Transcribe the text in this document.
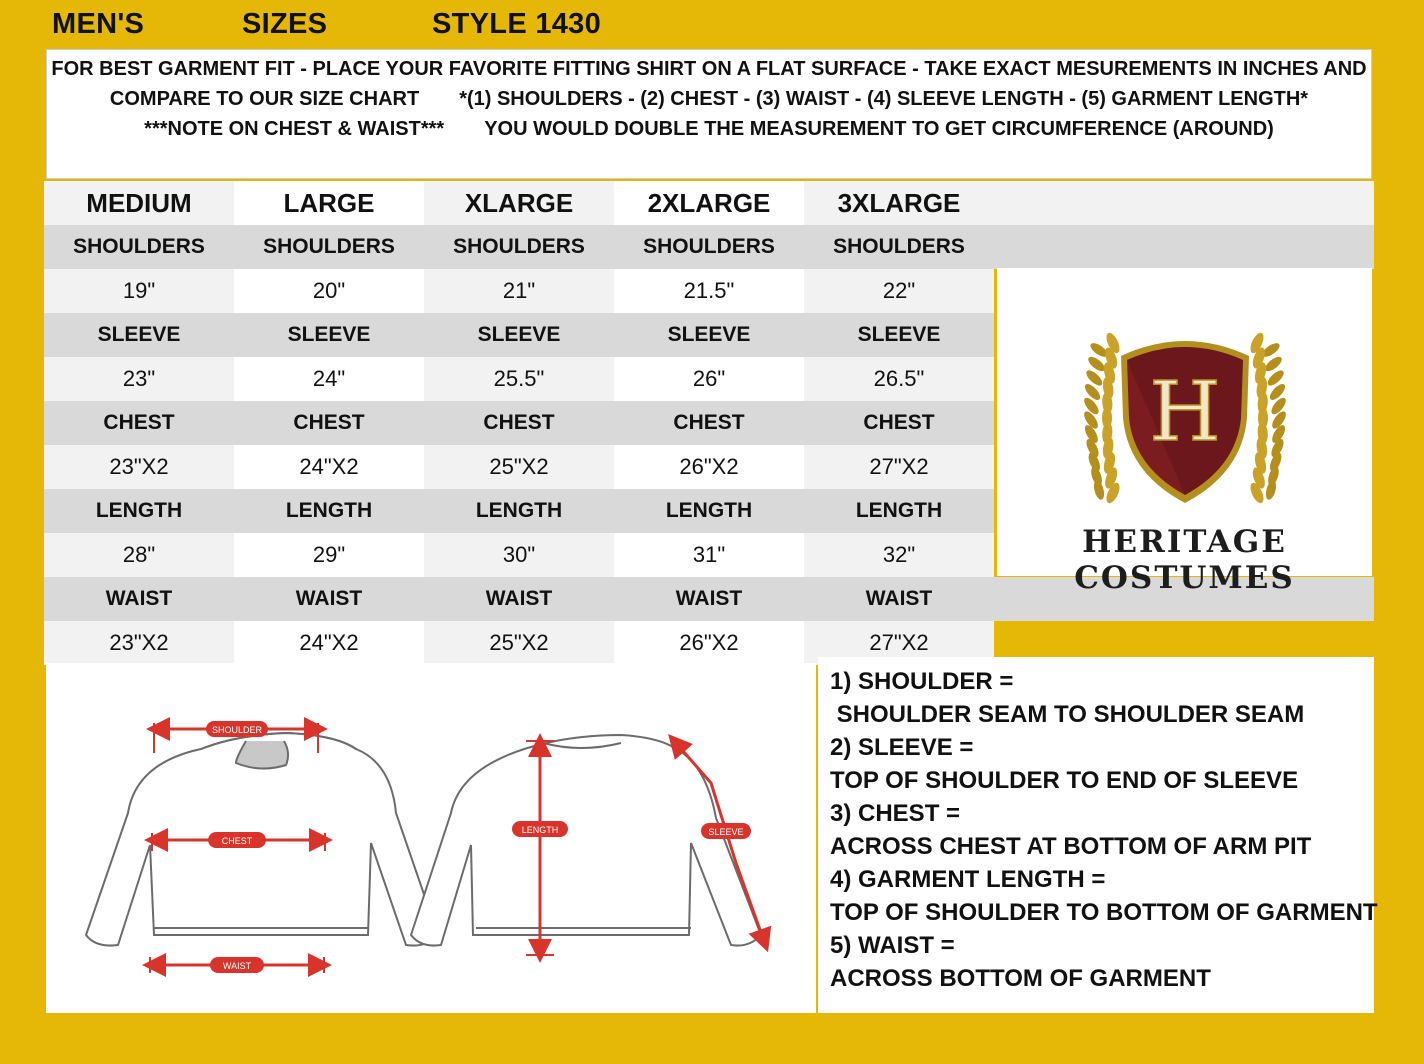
MEN'S	SIZES	STYLE 1430
FOR BEST GARMENT FIT - PLACE YOUR FAVORITE FITTING SHIRT ON A FLAT SURFACE - TAKE EXACT MESUREMENTS IN INCHES AND
COMPARE TO OUR SIZE CHART *(1) SHOULDERS - (2) CHEST - (3) WAIST - (4) SLEEVE LENGTH - (5) GARMENT LENGTH*
***NOTE ON CHEST & WAIST*** YOU WOULD DOUBLE THE MEASUREMENT TO GET CIRCUMFERENCE (AROUND)
MEDIUM	LARGE	XLARGE	2XLARGE	3XLARGE
SHOULDERS	SHOULDERS	SHOULDERS	SHOULDERS	SHOULDERS
19"	20"	21"	21.5"	22"
SLEEVE	SLEEVE	SLEEVE	SLEEVE	SLEEVE
23"	24"	25.5"	26"	26.5"
CHEST	CHEST	CHEST	CHEST	CHEST
23"X2	24"X2	25"X2	26"X2	27"X2
LENGTH	LENGTH	LENGTH	LENGTH	LENGTH
28"	29"	30"	31"	32"
WAIST	WAIST	WAIST	WAIST	WAIST
23"X2	24"X2	25"X2	26"X2	27"X2
H
HERITAGE COSTUMES
SHOULDER
CHEST
WAIST
LENGTH	SLEEVE
1) SHOULDER =
SHOULDER SEAM TO SHOULDER SEAM
2) SLEEVE =
TOP OF SHOULDER TO END OF SLEEVE
3) CHEST =
ACROSS CHEST AT BOTTOM OF ARM PIT
4) GARMENT LENGTH =
TOP OF SHOULDER TO BOTTOM OF GARMENT
5) WAIST =
ACROSS BOTTOM OF GARMENT
